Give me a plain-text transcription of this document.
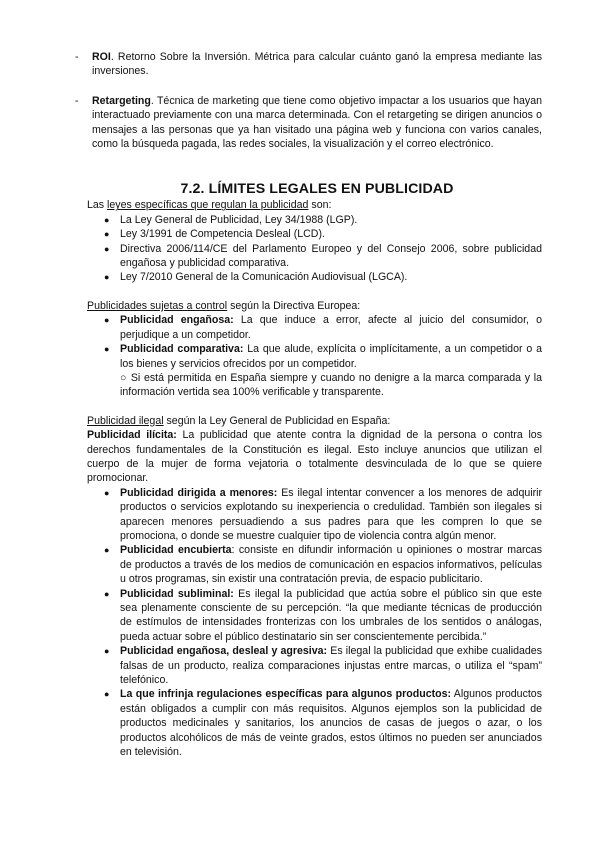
- ROI. Retorno Sobre la Inversión. Métrica para calcular cuánto ganó la empresa mediante las inversiones.
- Retargeting. Técnica de marketing que tiene como objetivo impactar a los usuarios que hayan interactuado previamente con una marca determinada. Con el retargeting se dirigen anuncios o mensajes a las personas que ya han visitado una página web y funciona con varios canales, como la búsqueda pagada, las redes sociales, la visualización y el correo electrónico.
7.2. LÍMITES LEGALES EN PUBLICIDAD

Las leyes específicas que regulan la publicidad son:

● La Ley General de Publicidad, Ley 34/1988 (LGP).
● Ley 3/1991 de Competencia Desleal (LCD).
● Directiva 2006/114/CE del Parlamento Europeo y del Consejo 2006, sobre publicidad engañosa y publicidad comparativa.
● Ley 7/2010 General de la Comunicación Audiovisual (LGCA).

Publicidades sujetas a control según la Directiva Europea:

● Publicidad engañosa: La que induce a error, afecte al juicio del consumidor, o perjudique a un competidor.
● Publicidad comparativa: La que alude, explícita o implícitamente, a un competidor o a los bienes y servicios ofrecidos por un competidor.
○ Si está permitida en España siempre y cuando no denigre a la marca comparada y la información vertida sea 100% verificable y transparente.

Publicidad ilegal según la Ley General de Publicidad en España:

Publicidad ilícita: La publicidad que atente contra la dignidad de la persona o contra los derechos fundamentales de la Constitución es ilegal. Esto incluye anuncios que utilizan el cuerpo de la mujer de forma vejatoria o totalmente desvinculada de lo que se quiere promocionar.

● Publicidad dirigida a menores: Es ilegal intentar convencer a los menores de adquirir productos o servicios explotando su inexperiencia o credulidad. También son ilegales si aparecen menores persuadiendo a sus padres para que les compren lo que se promociona, o donde se muestre cualquier tipo de violencia contra algún menor.
● Publicidad encubierta: consiste en difundir información u opiniones o mostrar marcas de productos a través de los medios de comunicación en espacios informativos, películas u otros programas, sin existir una contratación previa, de espacio publicitario.
● Publicidad subliminal: Es ilegal la publicidad que actúa sobre el público sin que este sea plenamente consciente de su percepción. “la que mediante técnicas de producción de estímulos de intensidades fronterizas con los umbrales de los sentidos o análogas, pueda actuar sobre el público destinatario sin ser conscientemente percibida.”
● Publicidad engañosa, desleal y agresiva: Es ilegal la publicidad que exhibe cualidades falsas de un producto, realiza comparaciones injustas entre marcas, o utiliza el “spam” telefónico.
● La que infrinja regulaciones específicas para algunos productos: Algunos productos están obligados a cumplir con más requisitos. Algunos ejemplos son la publicidad de productos medicinales y sanitarios, los anuncios de casas de juegos o azar, o los productos alcohólicos de más de veinte grados, estos últimos no pueden ser anunciados en televisión.
